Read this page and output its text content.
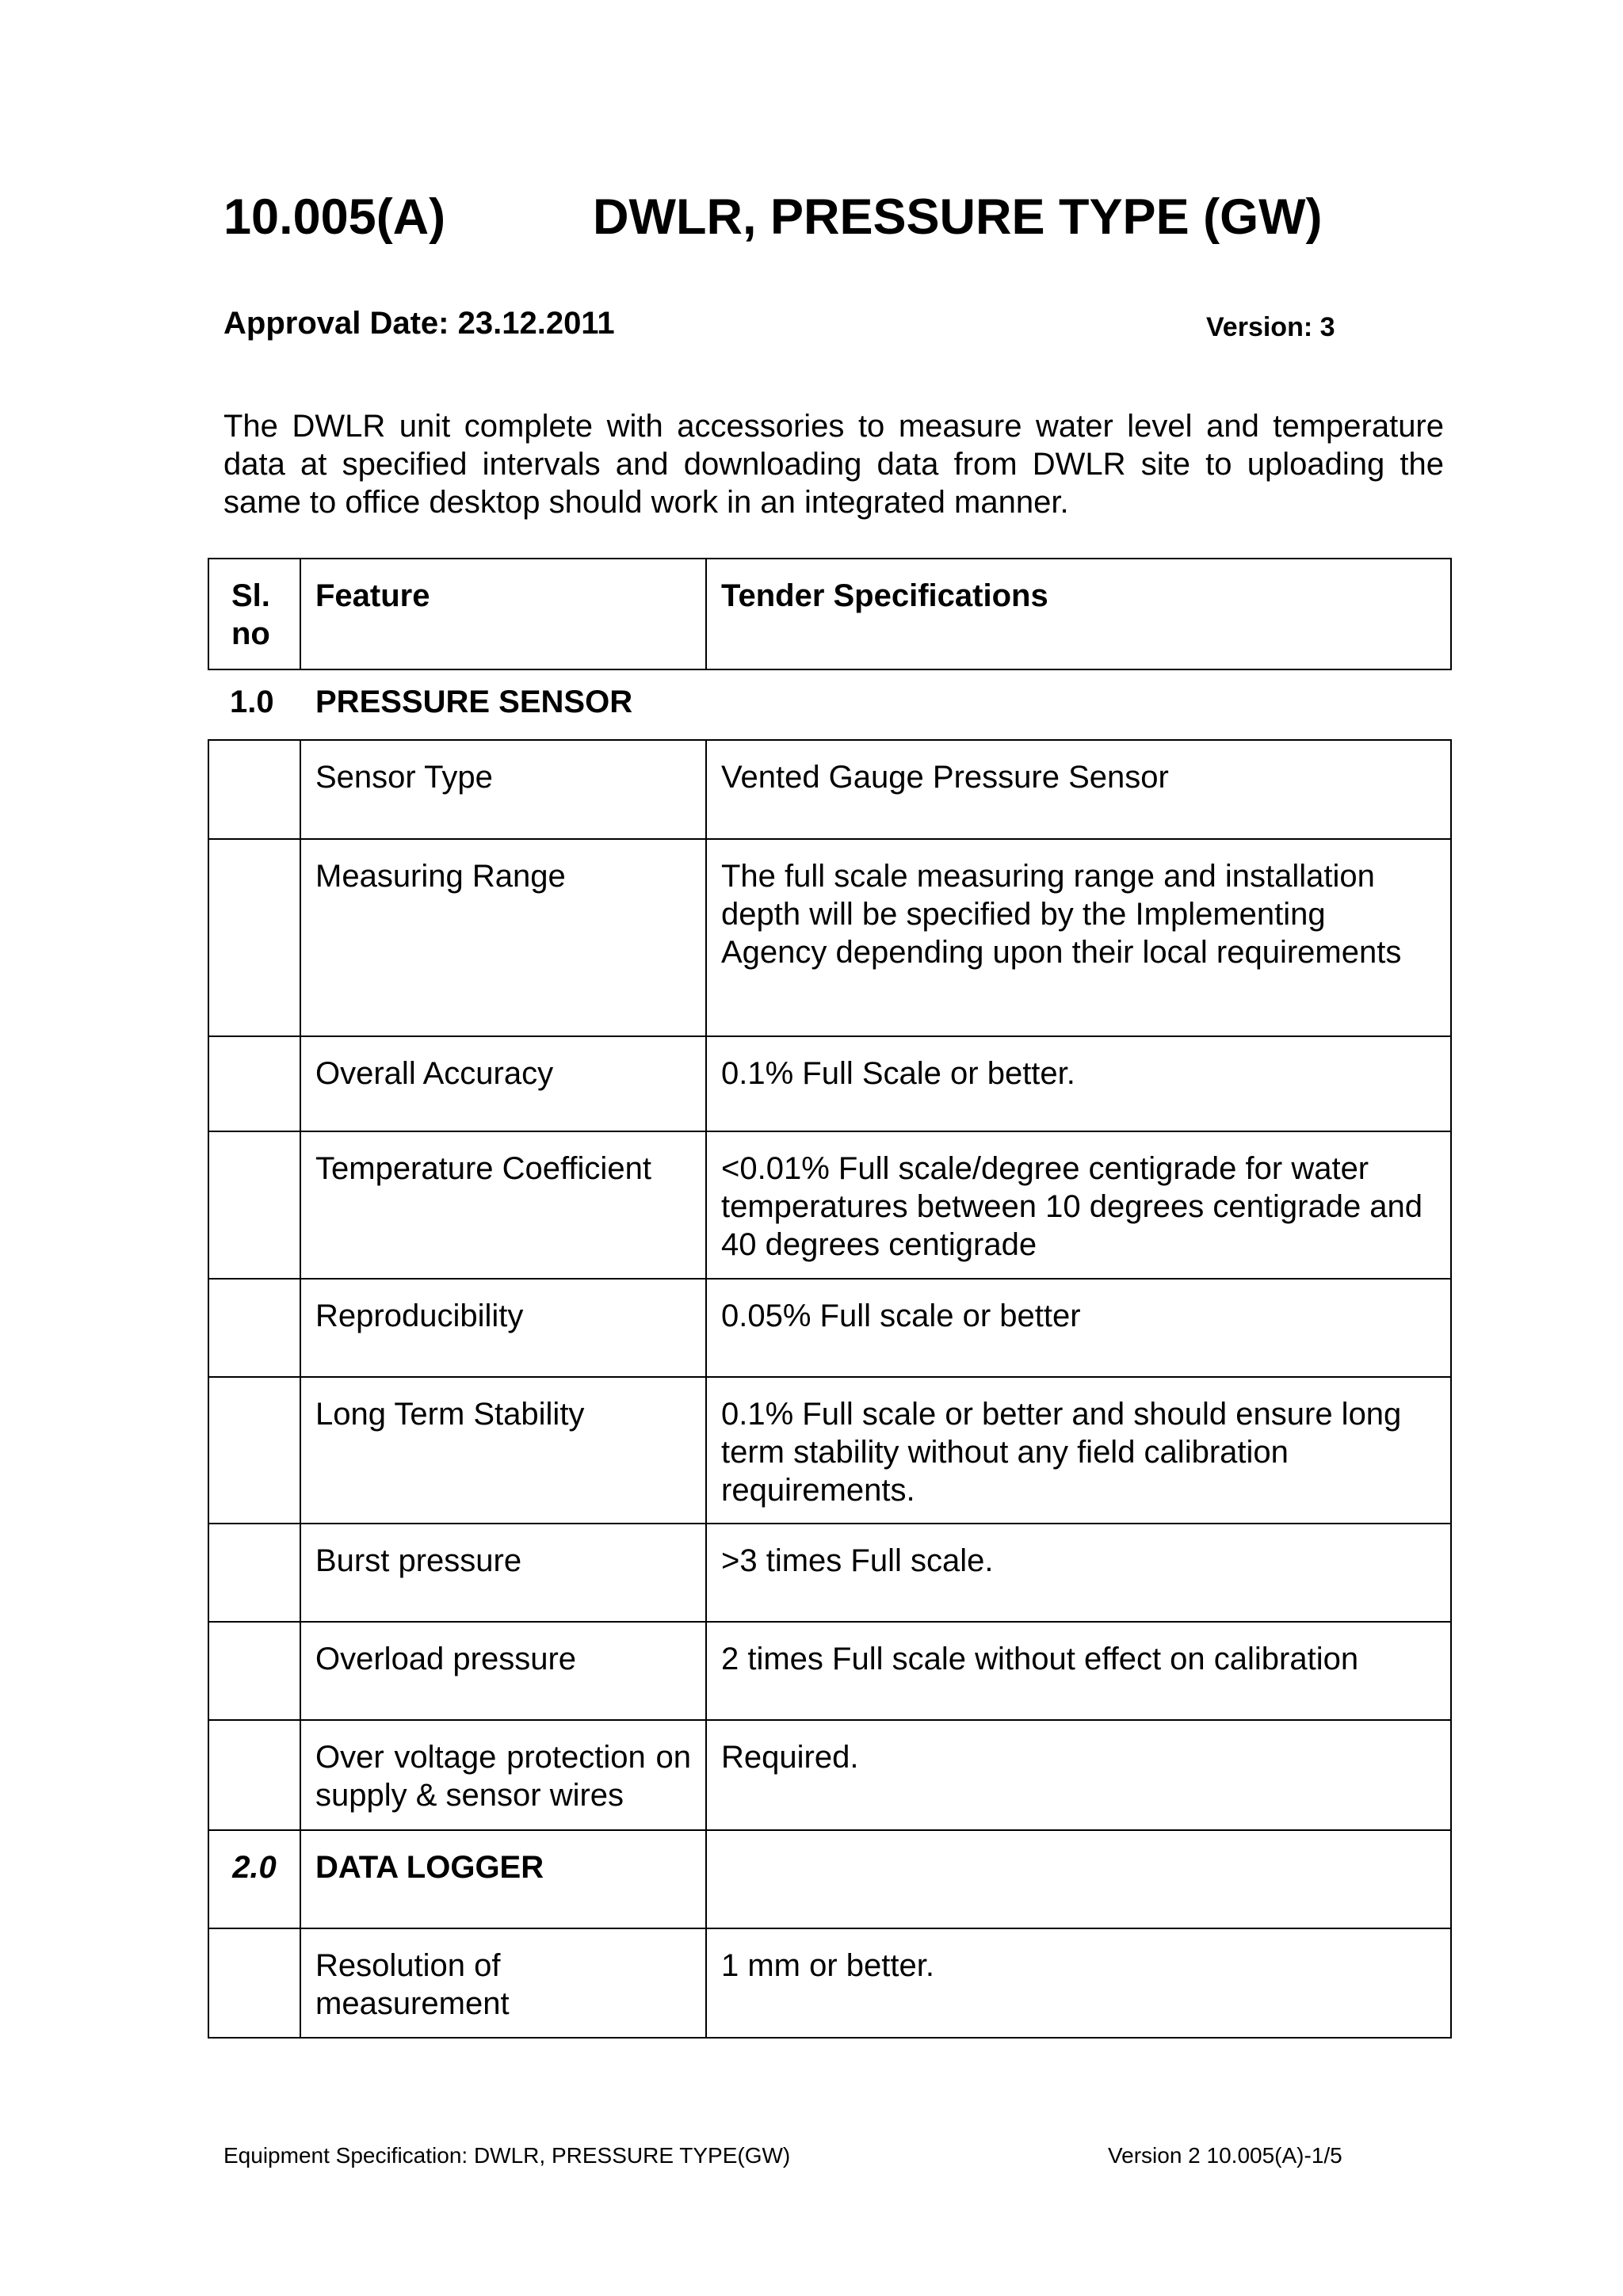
10.005(A)	DWLR, PRESSURE TYPE (GW)
Approval Date: 23.12.2011	Version: 3
The DWLR unit complete with accessories to measure water level and temperature data at specified intervals and downloading data from DWLR site to uploading the same to office desktop should work in an integrated manner.
Sl. no	Feature	Tender Specifications
1.0 PRESSURE SENSOR
	Sensor Type	Vented Gauge Pressure Sensor
	Measuring Range	The full scale measuring range and installation depth will be specified by the Implementing Agency depending upon their local requirements
	Overall Accuracy	0.1% Full Scale or better.
	Temperature Coefficient	<0.01% Full scale/degree centigrade for water temperatures between 10 degrees centigrade and 40 degrees centigrade
	Reproducibility	0.05% Full scale or better
	Long Term Stability	0.1% Full scale or better and should ensure long term stability without any field calibration requirements.
	Burst pressure	>3 times Full scale.
	Overload pressure	2 times Full scale without effect on calibration
	Over voltage protection on supply & sensor wires	Required.
2.0	DATA LOGGER	
	Resolution of measurement	1 mm or better.
Equipment Specification: DWLR, PRESSURE TYPE(GW)	Version 2 10.005(A)-1/5
